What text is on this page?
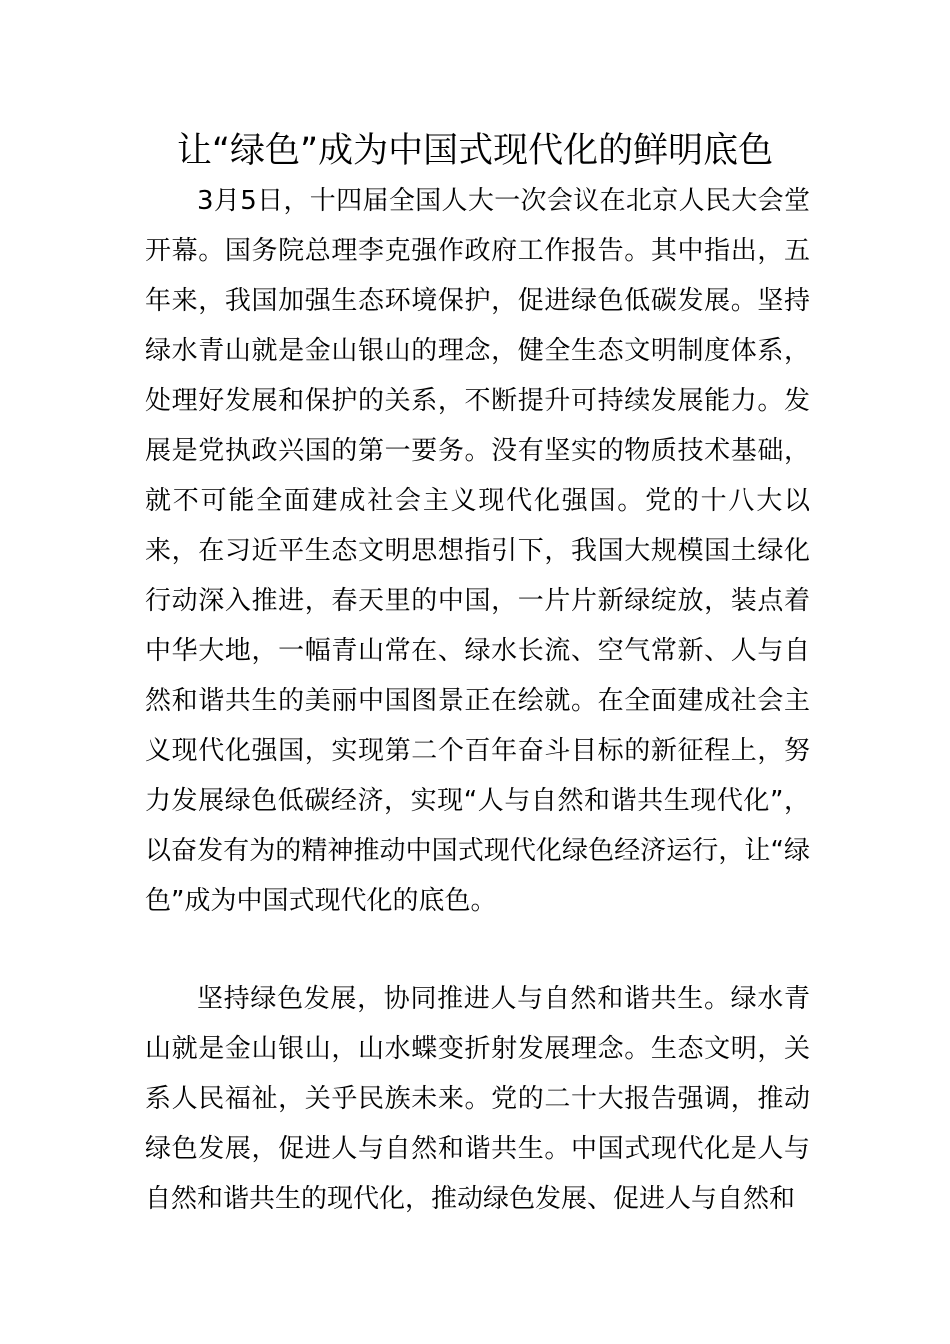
让“绿色”成为中国式现代化的鲜明底色

3月5日，十四届全国人大一次会议在北京人民大会堂开幕。国务院总理李克强作政府工作报告。其中指出，五年来，我国加强生态环境保护，促进绿色低碳发展。坚持绿水青山就是金山银山的理念，健全生态文明制度体系，处理好发展和保护的关系，不断提升可持续发展能力。发展是党执政兴国的第一要务。没有坚实的物质技术基础，就不可能全面建成社会主义现代化强国。党的十八大以来，在习近平生态文明思想指引下，我国大规模国土绿化行动深入推进，春天里的中国，一片片新绿绽放，装点着中华大地，一幅青山常在、绿水长流、空气常新、人与自然和谐共生的美丽中国图景正在绘就。在全面建成社会主义现代化强国，实现第二个百年奋斗目标的新征程上，努力发展绿色低碳经济，实现“人与自然和谐共生现代化”，以奋发有为的精神推动中国式现代化绿色经济运行，让“绿色”成为中国式现代化的底色。

坚持绿色发展，协同推进人与自然和谐共生。绿水青山就是金山银山，山水蝶变折射发展理念。生态文明，关系人民福祉，关乎民族未来。党的二十大报告强调，推动绿色发展，促进人与自然和谐共生。中国式现代化是人与自然和谐共生的现代化，推动绿色发展、促进人与自然和
